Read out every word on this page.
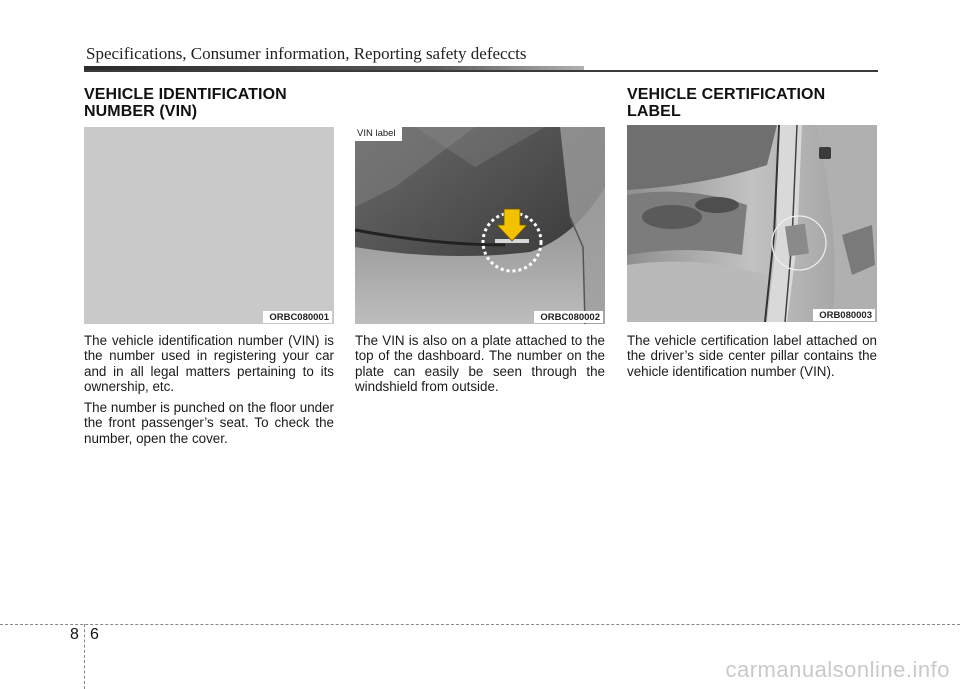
Specifications, Consumer information, Reporting safety defeccts
VEHICLE IDENTIFICATION
NUMBER (VIN)
VEHICLE CERTIFICATION
LABEL
ORBC080001
VIN label
ORBC080002	ORB080003

The vehicle identification number (VIN) is the number used in registering your car and in all legal matters pertaining to its ownership, etc.

The number is punched on the floor under the front passenger’s seat. To check the number, open the cover.

The VIN is also on a plate attached to the top of the dashboard. The number on the plate can easily be seen through the windshield from outside.

The vehicle certification label attached on the driver’s side center pillar contains the vehicle identification number (VIN).

8 6
carmanualsonline.info
